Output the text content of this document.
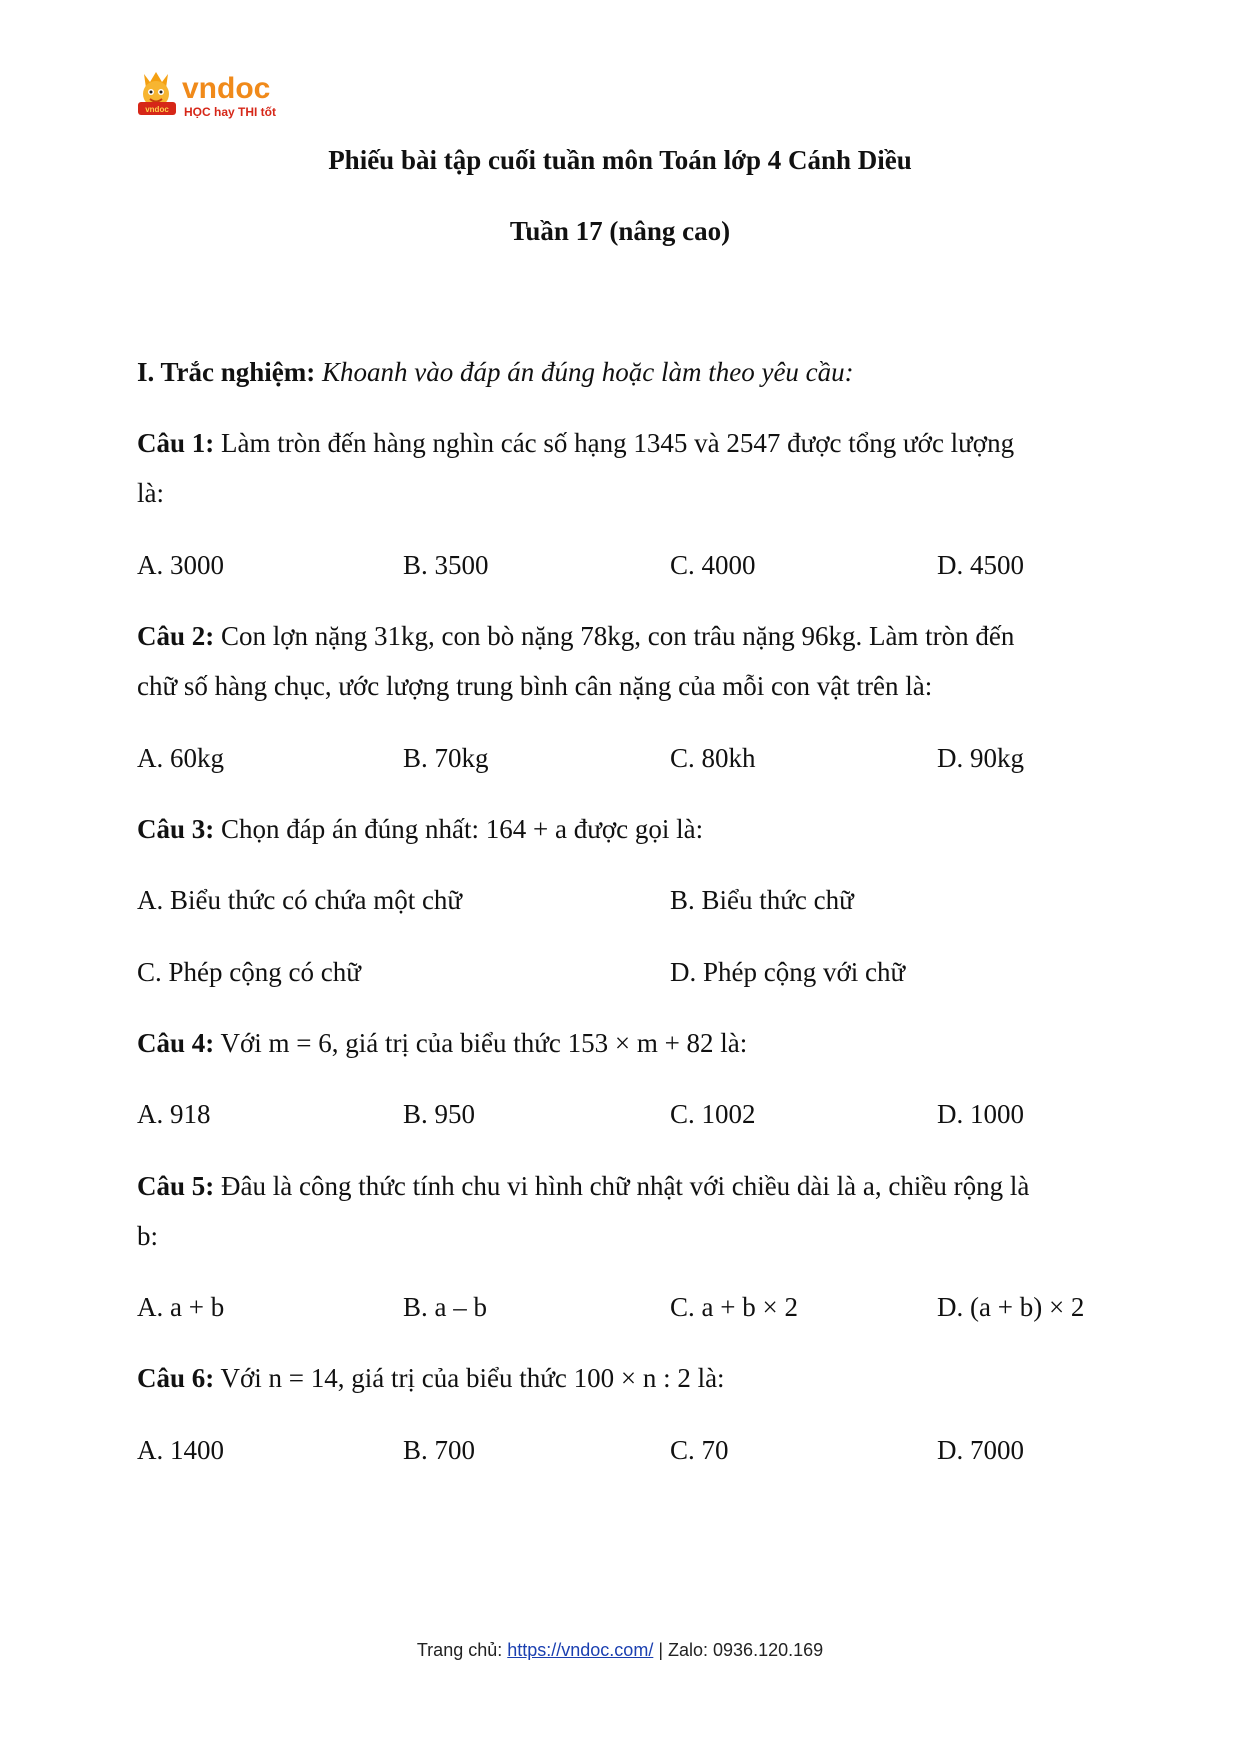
vndoc
vndoc
HỌC hay THI tốt
Phiếu bài tập cuối tuần môn Toán lớp 4 Cánh Diều
Tuần 17 (nâng cao)
I. Trắc nghiệm: Khoanh vào đáp án đúng hoặc làm theo yêu cầu:
Câu 1: Làm tròn đến hàng nghìn các số hạng 1345 và 2547 được tổng ước lượng
là:
A. 3000	B. 3500	C. 4000	D. 4500
Câu 2: Con lợn nặng 31kg, con bò nặng 78kg, con trâu nặng 96kg. Làm tròn đến
chữ số hàng chục, ước lượng trung bình cân nặng của mỗi con vật trên là:
A. 60kg	B. 70kg	C. 80kh	D. 90kg
Câu 3: Chọn đáp án đúng nhất: 164 + a được gọi là:
A. Biểu thức có chứa một chữ	B. Biểu thức chữ
C. Phép cộng có chữ	D. Phép cộng với chữ
Câu 4: Với m = 6, giá trị của biểu thức 153 × m + 82 là:
A. 918	B. 950	C. 1002	D. 1000
Câu 5: Đâu là công thức tính chu vi hình chữ nhật với chiều dài là a, chiều rộng là
b:
A. a + b	B. a – b	C. a + b × 2	D. (a + b) × 2
Câu 6: Với n = 14, giá trị của biểu thức 100 × n : 2 là:
A. 1400	B. 700	C. 70	D. 7000
Trang chủ: https://vndoc.com/ | Zalo: 0936.120.169
